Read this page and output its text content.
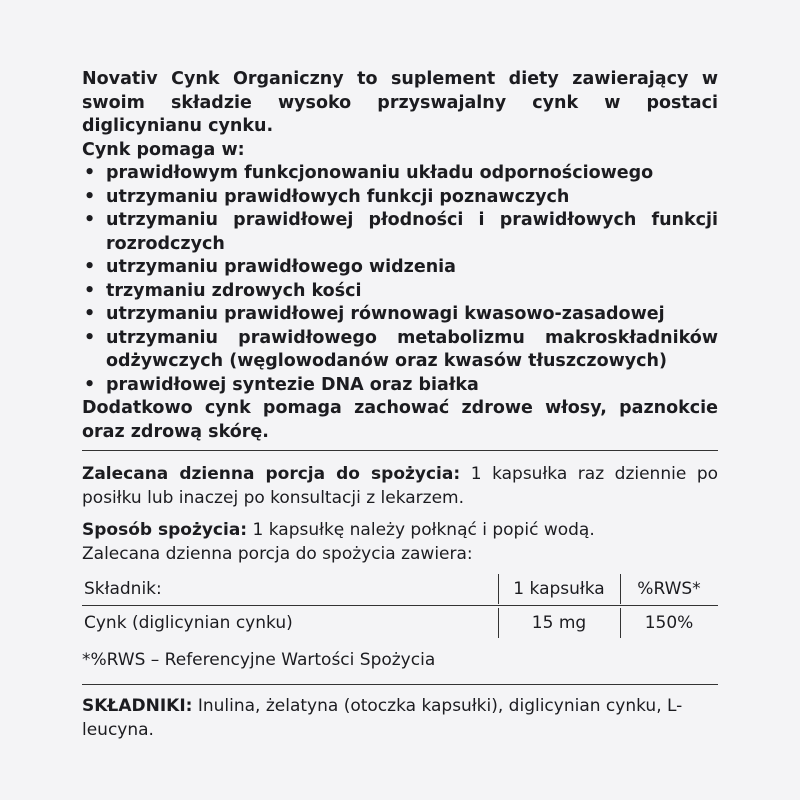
Novativ Cynk Organiczny to suplement diety zawierający w swoim składzie wysoko przyswajalny cynk w postaci diglicynianu cynku.

Cynk pomaga w:

• prawidłowym funkcjonowaniu układu odpornościowego
• utrzymaniu prawidłowych funkcji poznawczych
• utrzymaniu prawidłowej płodności i prawidłowych funkcji rozrodczych
• utrzymaniu prawidłowego widzenia
• trzymaniu zdrowych kości
• utrzymaniu prawidłowej równowagi kwasowo-zasadowej
• utrzymaniu prawidłowego metabolizmu makroskładników odżywczych (węglowodanów oraz kwasów tłuszczowych)
• prawidłowej syntezie DNA oraz białka

Dodatkowo cynk pomaga zachować zdrowe włosy, paznokcie oraz zdrową skórę.

Zalecana dzienna porcja do spożycia: 1 kapsułka raz dziennie po posiłku lub inaczej po konsultacji z lekarzem.

Sposób spożycia: 1 kapsułkę należy połknąć i popić wodą.

Zalecana dzienna porcja do spożycia zawiera:

Składnik:	1 kapsułka	%RWS*
Cynk (diglicynian cynku)	15 mg	150%
*%RWS – Referencyjne Wartości Spożycia
SKŁADNIKI: Inulina, żelatyna (otoczka kapsułki), diglicynian cynku, L-leucyna.
